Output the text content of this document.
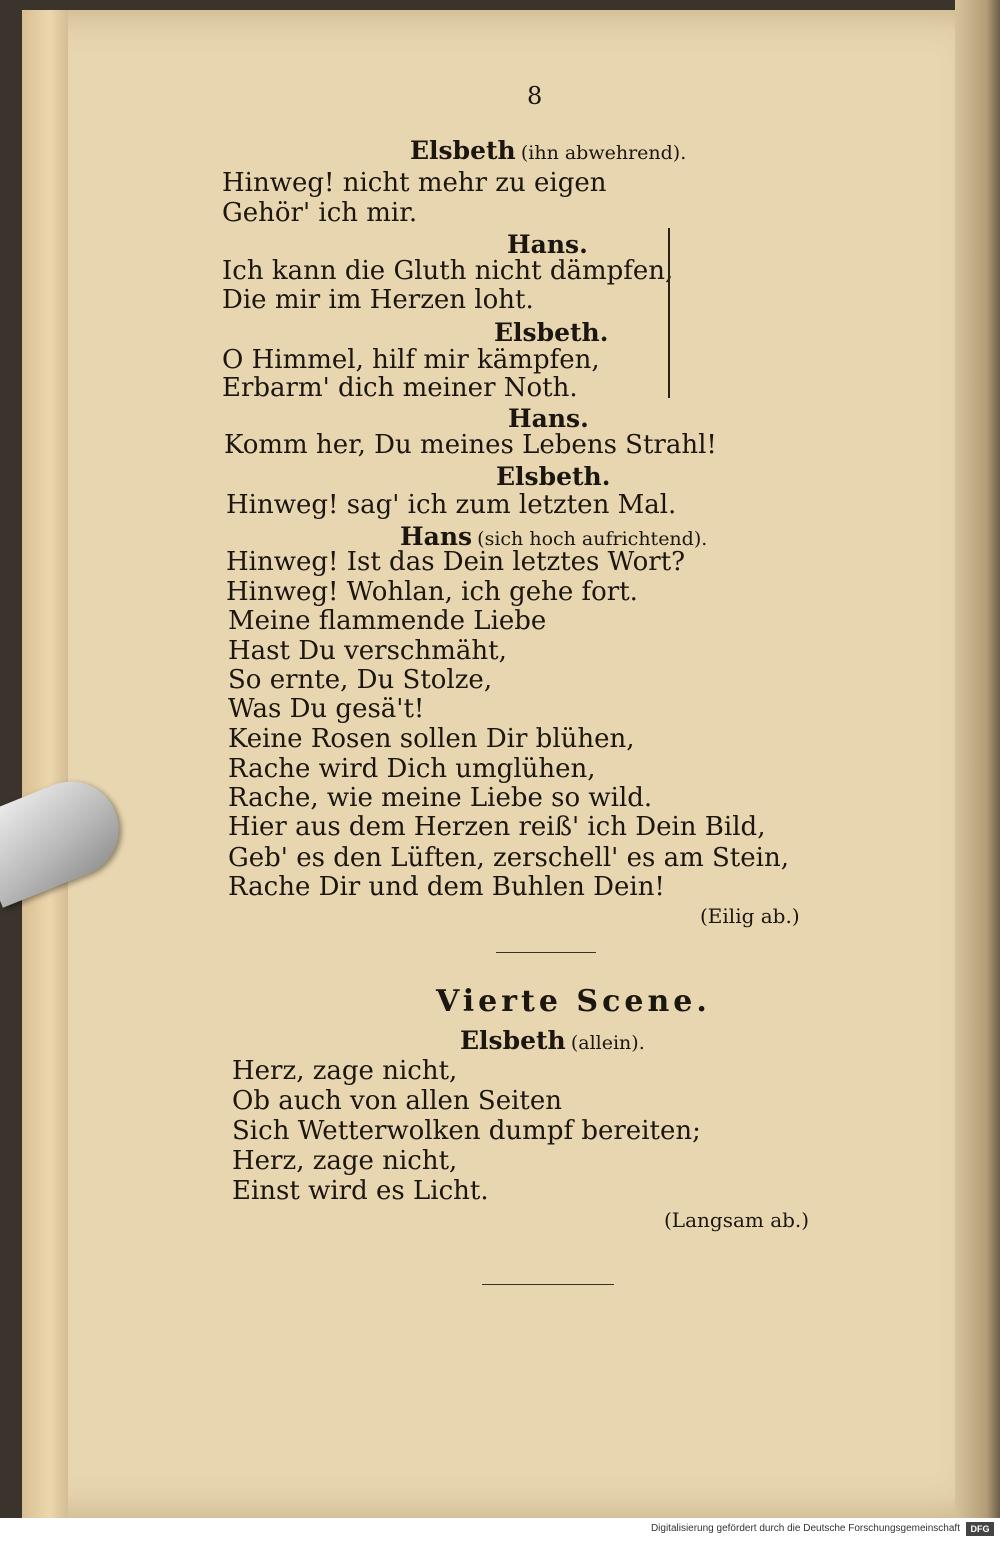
8
Elsbeth (ihn abwehrend).
Hinweg! nicht mehr zu eigen
Gehör' ich mir.
Hans.
Ich kann die Gluth nicht dämpfen,
Die mir im Herzen loht.
Elsbeth.
O Himmel, hilf mir kämpfen,
Erbarm' dich meiner Noth.
Hans.
Komm her, Du meines Lebens Strahl!
Elsbeth.
Hinweg! sag' ich zum letzten Mal.
Hans (sich hoch aufrichtend).
Hinweg! Ist das Dein letztes Wort?
Hinweg! Wohlan, ich gehe fort.
Meine flammende Liebe
Hast Du verschmäht,
So ernte, Du Stolze,
Was Du gesä't!
Keine Rosen sollen Dir blühen,
Rache wird Dich umglühen,
Rache, wie meine Liebe so wild.
Hier aus dem Herzen reiß' ich Dein Bild,
Geb' es den Lüften, zerschell' es am Stein,
Rache Dir und dem Buhlen Dein!
(Eilig ab.)
Vierte Scene.
Elsbeth (allein).
Herz, zage nicht,
Ob auch von allen Seiten
Sich Wetterwolken dumpf bereiten;
Herz, zage nicht,
Einst wird es Licht.
(Langsam ab.)
Digitalisierung gefördert durch die Deutsche Forschungsgemeinschaft	DFG
